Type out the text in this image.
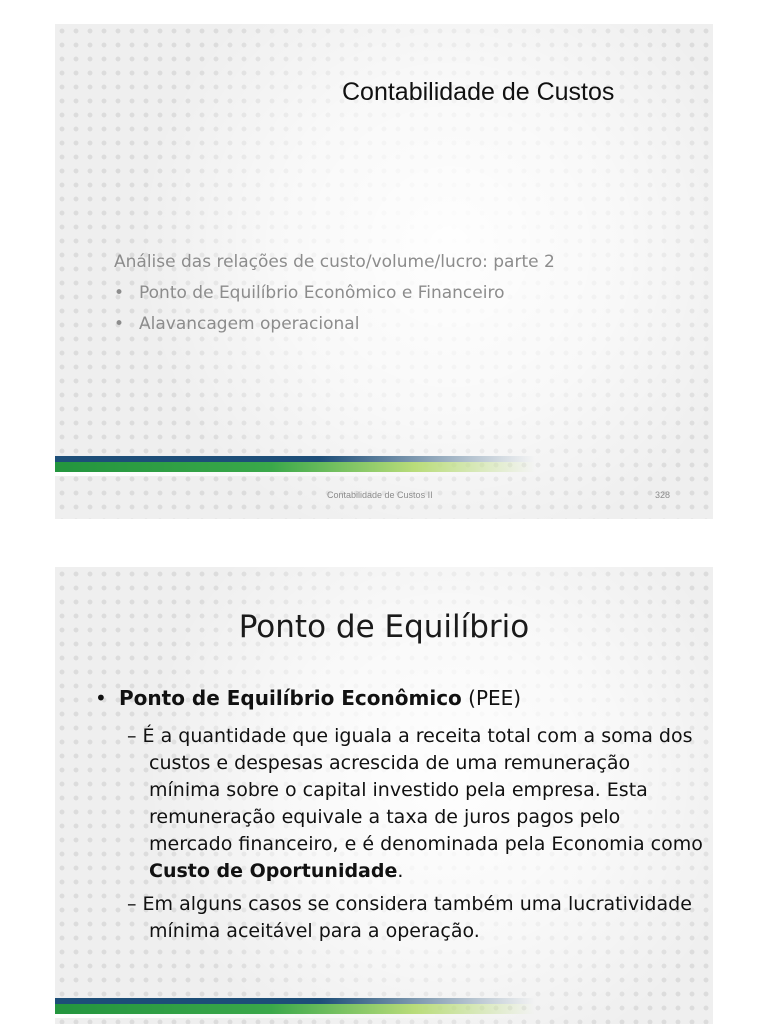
Contabilidade de Custos
Análise das relações de custo/volume/lucro: parte 2
• Ponto de Equilíbrio Econômico e Financeiro
• Alavancagem operacional
Contabilidade de Custos II	328
Ponto de Equilíbrio
• Ponto de Equilíbrio Econômico (PEE)
– É a quantidade que iguala a receita total com a soma dos custos e despesas acrescida de uma remuneração mínima sobre o capital investido pela empresa. Esta remuneração equivale a taxa de juros pagos pelo mercado financeiro, e é denominada pela Economia como Custo de Oportunidade.
– Em alguns casos se considera também uma lucratividade mínima aceitável para a operação.
